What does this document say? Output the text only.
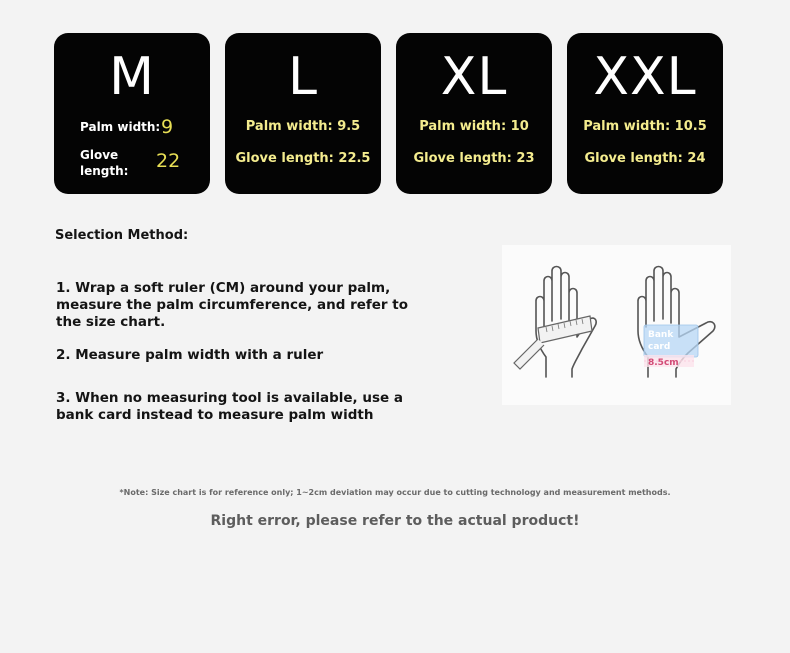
M
Palm width: 9
Glove
length: 22
L
Palm width: 9.5
Glove length: 22.5
XL
Palm width: 10
Glove length: 23
XXL
Palm width: 10.5
Glove length: 24
Selection Method:
1. Wrap a soft ruler (CM) around your palm, measure the palm circumference, and refer to the size chart.
2. Measure palm width with a ruler
3. When no measuring tool is available, use a bank card instead to measure palm width
Bank
card
8.5cm
*Note: Size chart is for reference only; 1~2cm deviation may occur due to cutting technology and measurement methods.
Right error, please refer to the actual product!
